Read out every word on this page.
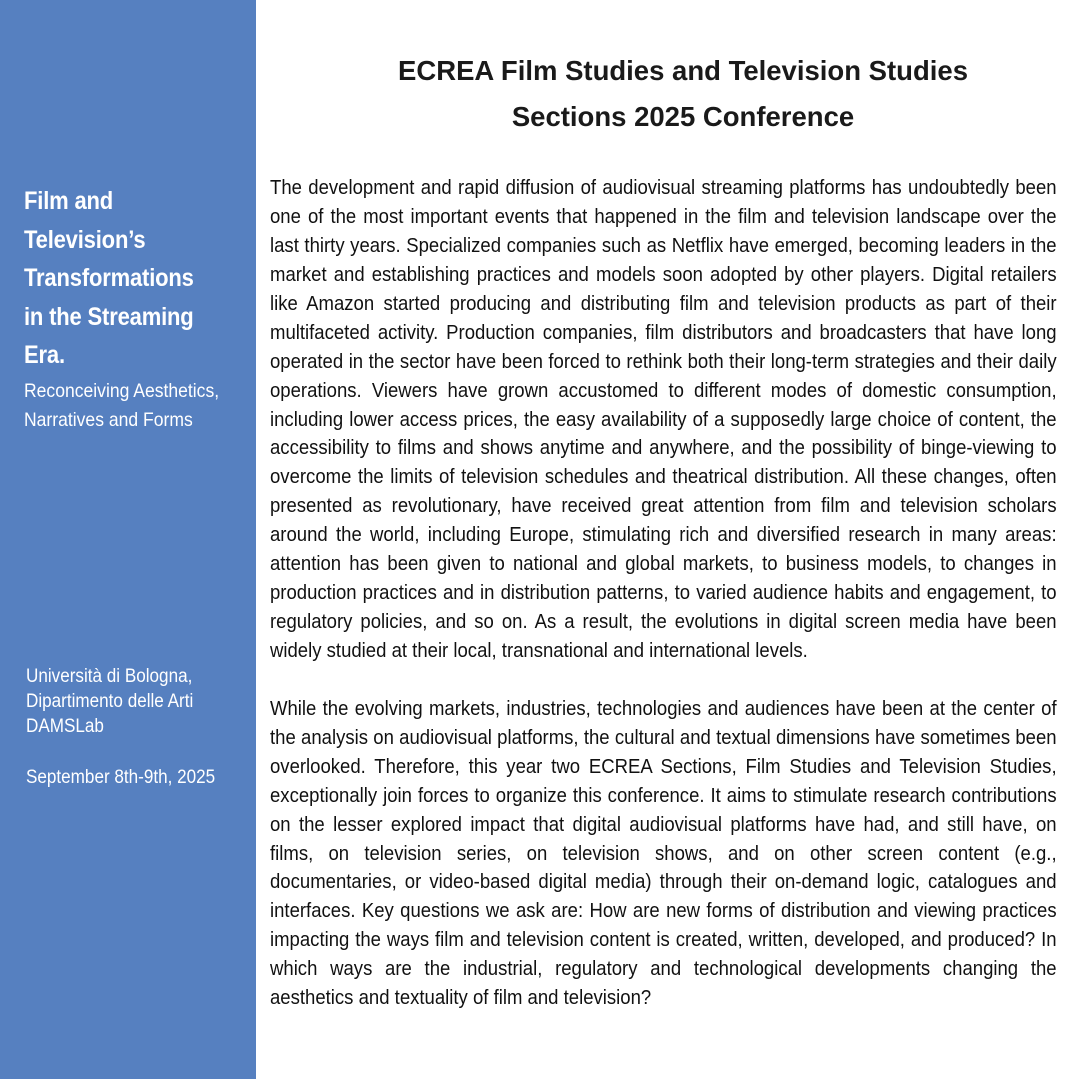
Film and
Television’s
Transformations
in the Streaming
Era.
Reconceiving Aesthetics,
Narratives and Forms
Università di Bologna,
Dipartimento delle Arti
DAMSLab
September 8th-9th, 2025
ECREA Film Studies and Television Studies
Sections 2025 Conference

The development and rapid diffusion of audiovisual streaming platforms has undoubtedly been one of the most important events that happened in the film and television landscape over the last thirty years. Specialized companies such as Netflix have emerged, becoming leaders in the market and establishing practices and models soon adopted by other players. Digital retailers like Amazon started producing and distributing film and television products as part of their multifaceted activity. Production companies, film distributors and broadcasters that have long operated in the sector have been forced to rethink both their long-term strategies and their daily operations. Viewers have grown accustomed to different modes of domestic consumption, including lower access prices, the easy availability of a supposedly large choice of content, the accessibility to films and shows anytime and anywhere, and the possibility of binge-viewing to overcome the limits of television schedules and theatrical distribution. All these changes, often presented as revolutionary, have received great attention from film and television scholars around the world, including Europe, stimulating rich and diversified research in many areas: attention has been given to national and global markets, to business models, to changes in production practices and in distribution patterns, to varied audience habits and engagement, to regulatory policies, and so on. As a result, the evolutions in digital screen media have been widely studied at their local, transnational and international levels.

While the evolving markets, industries, technologies and audiences have been at the center of the analysis on audiovisual platforms, the cultural and textual dimensions have sometimes been overlooked. Therefore, this year two ECREA Sections, Film Studies and Television Studies, exceptionally join forces to organize this conference. It aims to stimulate research contributions on the lesser explored impact that digital audiovisual platforms have had, and still have, on films, on television series, on television shows, and on other screen content (e.g., documentaries, or video-based digital media) through their on-demand logic, catalogues and interfaces. Key questions we ask are: How are new forms of distribution and viewing practices impacting the ways film and television content is created, written, developed, and produced? In which ways are the industrial, regulatory and technological developments changing the aesthetics and textuality of film and television?
